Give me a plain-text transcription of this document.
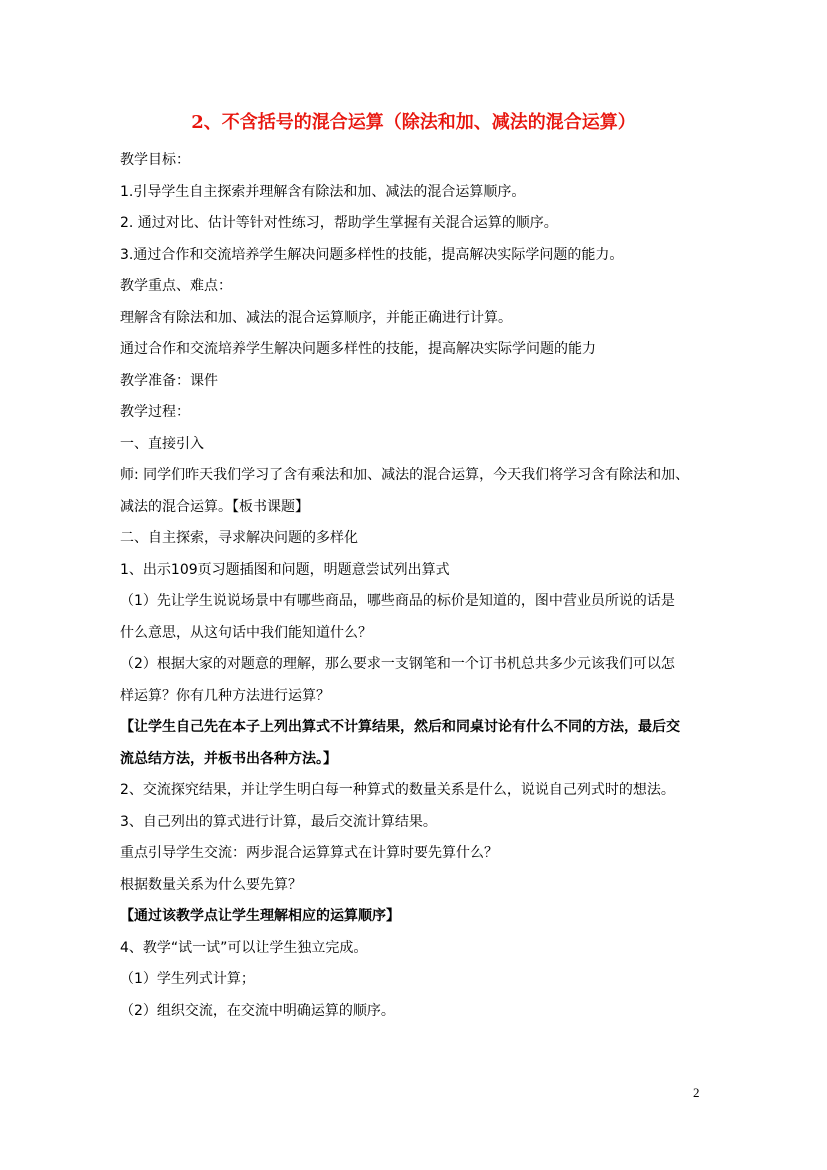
2、不含括号的混合运算（除法和加、减法的混合运算）
教学目标：
1.引导学生自主探索并理解含有除法和加、减法的混合运算顺序。
2. 通过对比、估计等针对性练习，帮助学生掌握有关混合运算的顺序。
3.通过合作和交流培养学生解决问题多样性的技能，提高解决实际学问题的能力。
教学重点、难点：
理解含有除法和加、减法的混合运算顺序，并能正确进行计算。
通过合作和交流培养学生解决问题多样性的技能，提高解决实际学问题的能力
教学准备：课件
教学过程：
一、直接引入
师: 同学们昨天我们学习了含有乘法和加、减法的混合运算，今天我们将学习含有除法和加、
减法的混合运算。【板书课题】
二、自主探索，寻求解决问题的多样化
1、出示109页习题插图和问题，明题意尝试列出算式
（1）先让学生说说场景中有哪些商品，哪些商品的标价是知道的，图中营业员所说的话是
什么意思，从这句话中我们能知道什么？
（2）根据大家的对题意的理解，那么要求一支钢笔和一个订书机总共多少元该我们可以怎
样运算？你有几种方法进行运算？
【让学生自己先在本子上列出算式不计算结果，然后和同桌讨论有什么不同的方法，最后交
流总结方法，并板书出各种方法。】
2、交流探究结果，并让学生明白每一种算式的数量关系是什么，说说自己列式时的想法。
3、自己列出的算式进行计算，最后交流计算结果。
重点引导学生交流：两步混合运算算式在计算时要先算什么？
根据数量关系为什么要先算？
【通过该教学点让学生理解相应的运算顺序】
4、教学“试一试”可以让学生独立完成。
（1）学生列式计算；
（2）组织交流，在交流中明确运算的顺序。
2
